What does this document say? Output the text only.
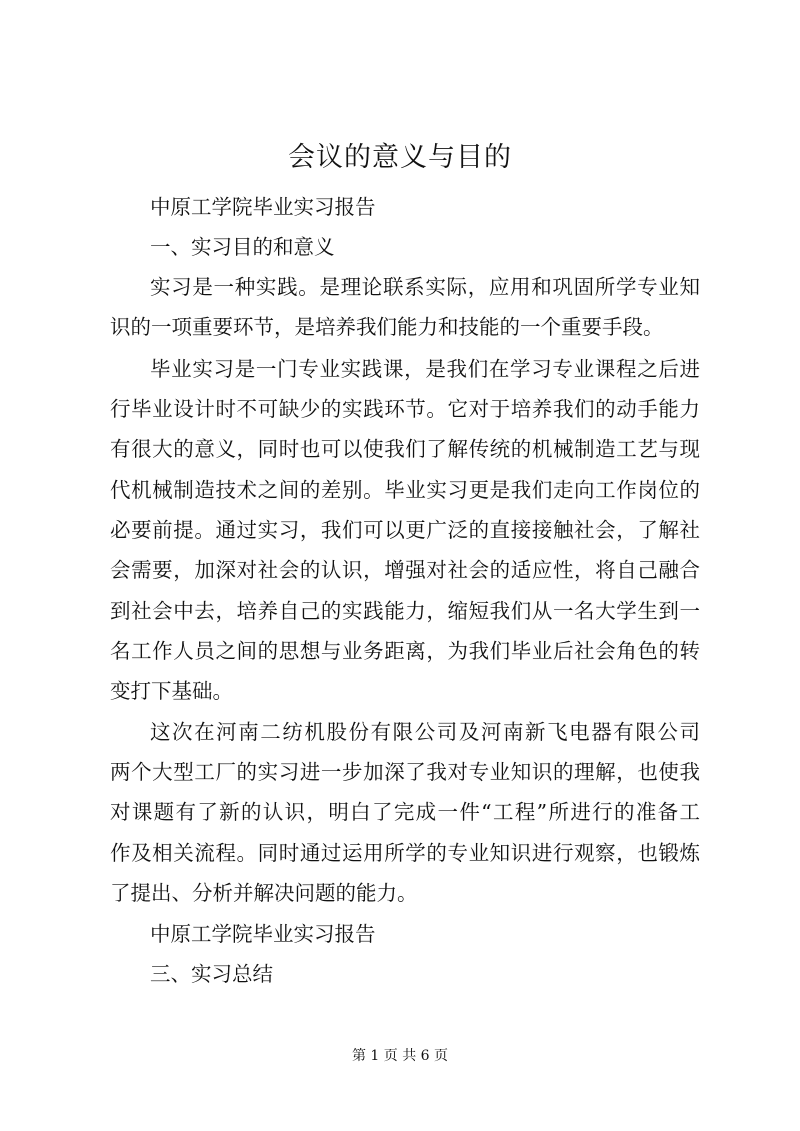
会议的意义与目的

中原工学院毕业实习报告

一、实习目的和意义

实习是一种实践。是理论联系实际，应用和巩固所学专业知

识的一项重要环节，是培养我们能力和技能的一个重要手段。

毕业实习是一门专业实践课，是我们在学习专业课程之后进

行毕业设计时不可缺少的实践环节。它对于培养我们的动手能力

有很大的意义，同时也可以使我们了解传统的机械制造工艺与现

代机械制造技术之间的差别。毕业实习更是我们走向工作岗位的

必要前提。通过实习，我们可以更广泛的直接接触社会，了解社

会需要，加深对社会的认识，增强对社会的适应性，将自己融合

到社会中去，培养自己的实践能力，缩短我们从一名大学生到一

名工作人员之间的思想与业务距离，为我们毕业后社会角色的转

变打下基础。

这次在河南二纺机股份有限公司及河南新飞电器有限公司

两个大型工厂的实习进一步加深了我对专业知识的理解，也使我

对课题有了新的认识，明白了完成一件“工程”所进行的准备工

作及相关流程。同时通过运用所学的专业知识进行观察，也锻炼

了提出、分析并解决问题的能力。

中原工学院毕业实习报告

三、实习总结

第 1 页 共 6 页
